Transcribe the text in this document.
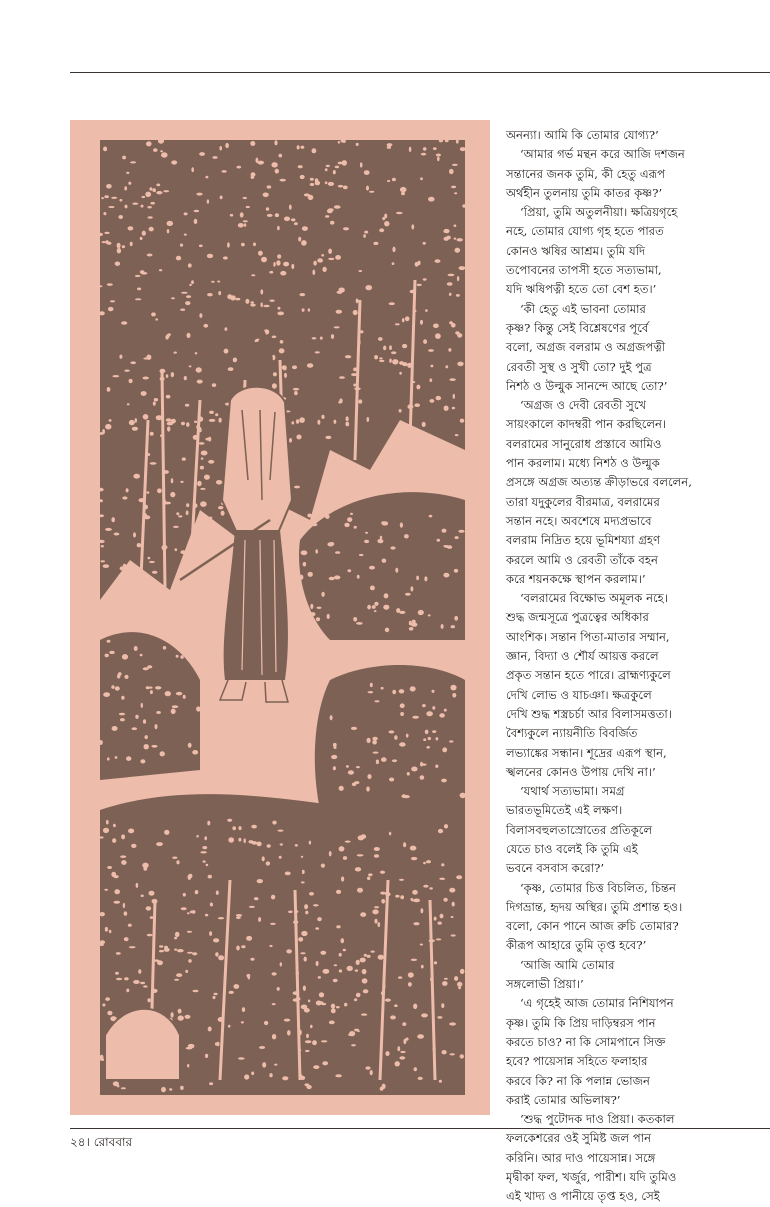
অনন্যা। আমি কি তোমার যোগ্য?’
‘আমার গর্ভ মন্থন করে আজি দশজন
সন্তানের জনক তুমি, কী হেতু এরূপ
অর্থহীন তুলনায় তুমি কাতর কৃষ্ণ?’
‘প্রিয়া, তুমি অতুলনীয়া। ক্ষত্রিয়গৃহে
নহে, তোমার যোগ্য গৃহ হতে পারত
কোনও ঋষির আশ্রম। তুমি যদি
তপোবনের তাপসী হতে সত্যভামা,
যদি ঋষিপত্নী হতে তো বেশ হত।’
‘কী হেতু এই ভাবনা তোমার
কৃষ্ণ? কিন্তু সেই বিশ্লেষণের পূর্বে
বলো, অগ্রজ বলরাম ও অগ্রজপত্নী
রেবতী সুস্থ ও সুখী তো? দুই পুত্র
নিশঠ ও উল্মুক সানন্দে আছে তো?’
‘অগ্রজ ও দেবী রেবতী সুখে
সায়ংকালে কাদম্বরী পান করছিলেন।
বলরামের সানুরোধ প্রস্তাবে আমিও
পান করলাম। মধ্যে নিশঠ ও উল্মুক
প্রসঙ্গে অগ্রজ অত্যন্ত ক্রীড়াভরে বললেন,
তারা যদুকুলের বীরমাত্র, বলরামের
সন্তান নহে। অবশেষে মদ্যপ্রভাবে
বলরাম নিদ্রিত হয়ে ভূমিশয্যা গ্রহণ
করলে আমি ও রেবতী তাঁকে বহন
করে শয়নকক্ষে স্থাপন করলাম।’
‘বলরামের বিক্ষোভ অমূলক নহে।
শুদ্ধ জন্মসূত্রে পুত্রত্বের অধিকার
আংশিক। সন্তান পিতা-মাতার সম্মান,
জ্ঞান, বিদ্যা ও শৌর্য আয়ত্ত করলে
প্রকৃত সন্তান হতে পারে। ব্রাহ্মণ্যকুলে
দেখি লোভ ও যাচঞা। ক্ষত্রকুলে
দেখি শুদ্ধ শস্ত্রচর্চা আর বিলাসমত্ততা।
বৈশ্যকুলে ন্যায়নীতি বিবর্জিত
লভ্যাঙ্কের সন্ধান। শূদ্রের এরূপ স্থান,
স্খলনের কোনও উপায় দেখি না।’
‘যথার্থ সত্যভামা। সমগ্র
ভারতভূমিতেই এই লক্ষণ।
বিলাসবহুলতাস্রোতের প্রতিকূলে
যেতে চাও বলেই কি তুমি এই
ভবনে বসবাস করো?’
‘কৃষ্ণ, তোমার চিত্ত বিচলিত, চিন্তন
দিগভ্রান্ত, হৃদয় অস্থির। তুমি প্রশান্ত হও।
বলো, কোন পানে আজ রুচি তোমার?
কীরূপ আহারে তুমি তৃপ্ত হবে?’
‘আজি আমি তোমার
সঙ্গলোভী প্রিয়া।’
‘এ গৃহেই আজ তোমার নিশিযাপন
কৃষ্ণ। তুমি কি প্রিয় দাড়িম্বরস পান
করতে চাও? না কি সোমপানে সিক্ত
হবে? পায়েসান্ন সহিতে ফলাহার
করবে কি? না কি পলান্ন ভোজন
করাই তোমার অভিলাষ?’
‘শুদ্ধ পুটোদক দাও প্রিয়া। কতকাল
ফলকেশরের ওই সুমিষ্ট জল পান
করিনি। আর দাও পায়েসান্ন। সঙ্গে
মৃদ্বীকা ফল, খর্জুর, পারীশ। যদি তুমিও
এই খাদ্য ও পানীয়ে তৃপ্ত হও, সেই
২৪। রোববার
